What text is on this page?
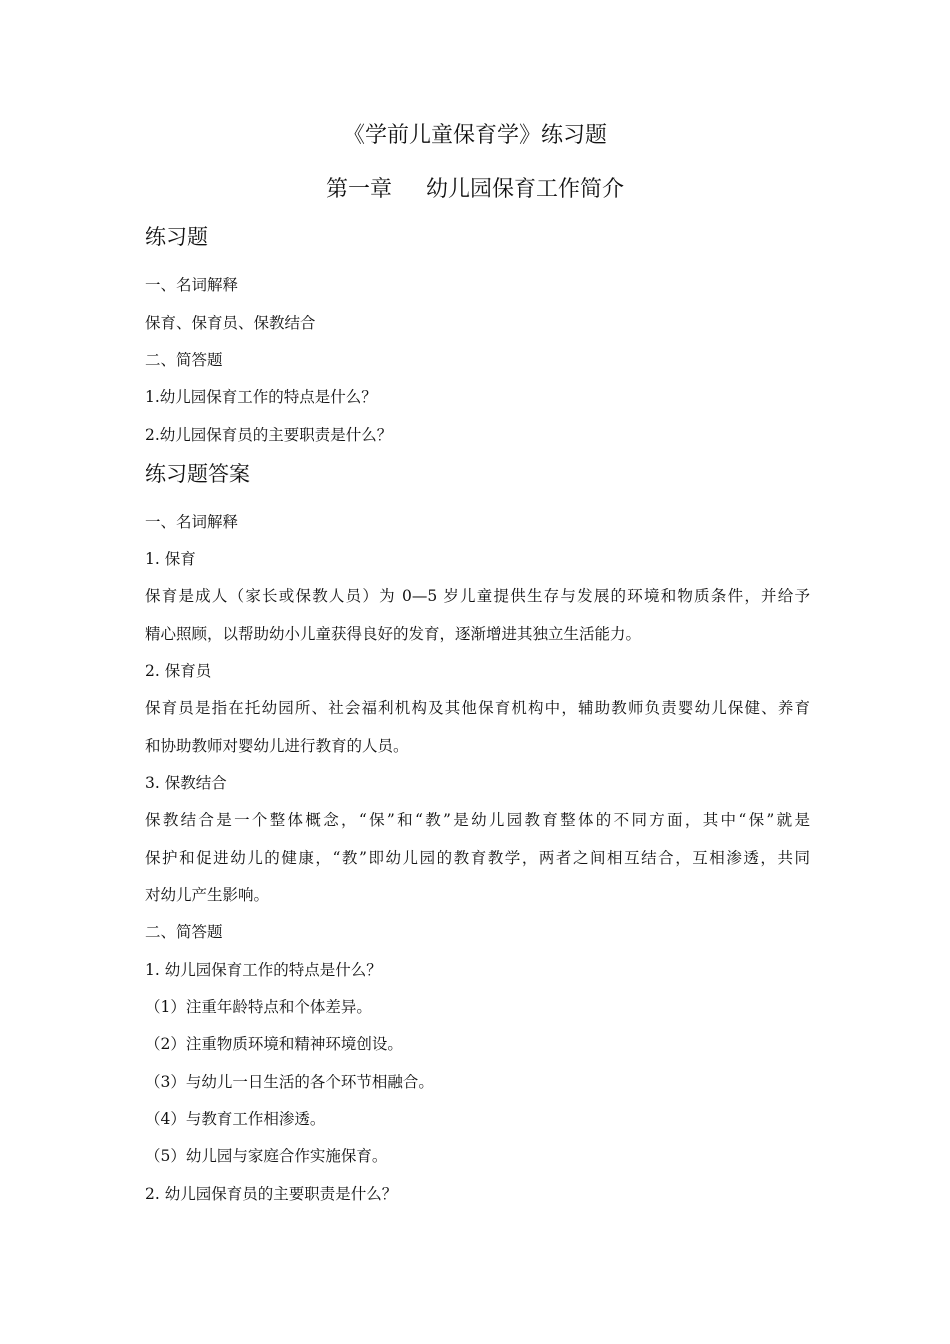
《学前儿童保育学》练习题
第一章 幼儿园保育工作简介
练习题
一、名词解释
保育、保育员、保教结合
二、简答题
1.幼儿园保育工作的特点是什么？
2.幼儿园保育员的主要职责是什么？
练习题答案
一、名词解释
1. 保育
保育是成人（家长或保教人员）为 0—5 岁儿童提供生存与发展的环境和物质条件，并给予
精心照顾，以帮助幼小儿童获得良好的发育，逐渐增进其独立生活能力。
2. 保育员
保育员是指在托幼园所、社会福利机构及其他保育机构中，辅助教师负责婴幼儿保健、养育
和协助教师对婴幼儿进行教育的人员。
3. 保教结合
保教结合是一个整体概念，“保”和“教”是幼儿园教育整体的不同方面，其中“保”就是
保护和促进幼儿的健康，“教”即幼儿园的教育教学，两者之间相互结合，互相渗透，共同
对幼儿产生影响。
二、简答题
1. 幼儿园保育工作的特点是什么？
（1）注重年龄特点和个体差异。
（2）注重物质环境和精神环境创设。
（3）与幼儿一日生活的各个环节相融合。
（4）与教育工作相渗透。
（5）幼儿园与家庭合作实施保育。
2. 幼儿园保育员的主要职责是什么？
